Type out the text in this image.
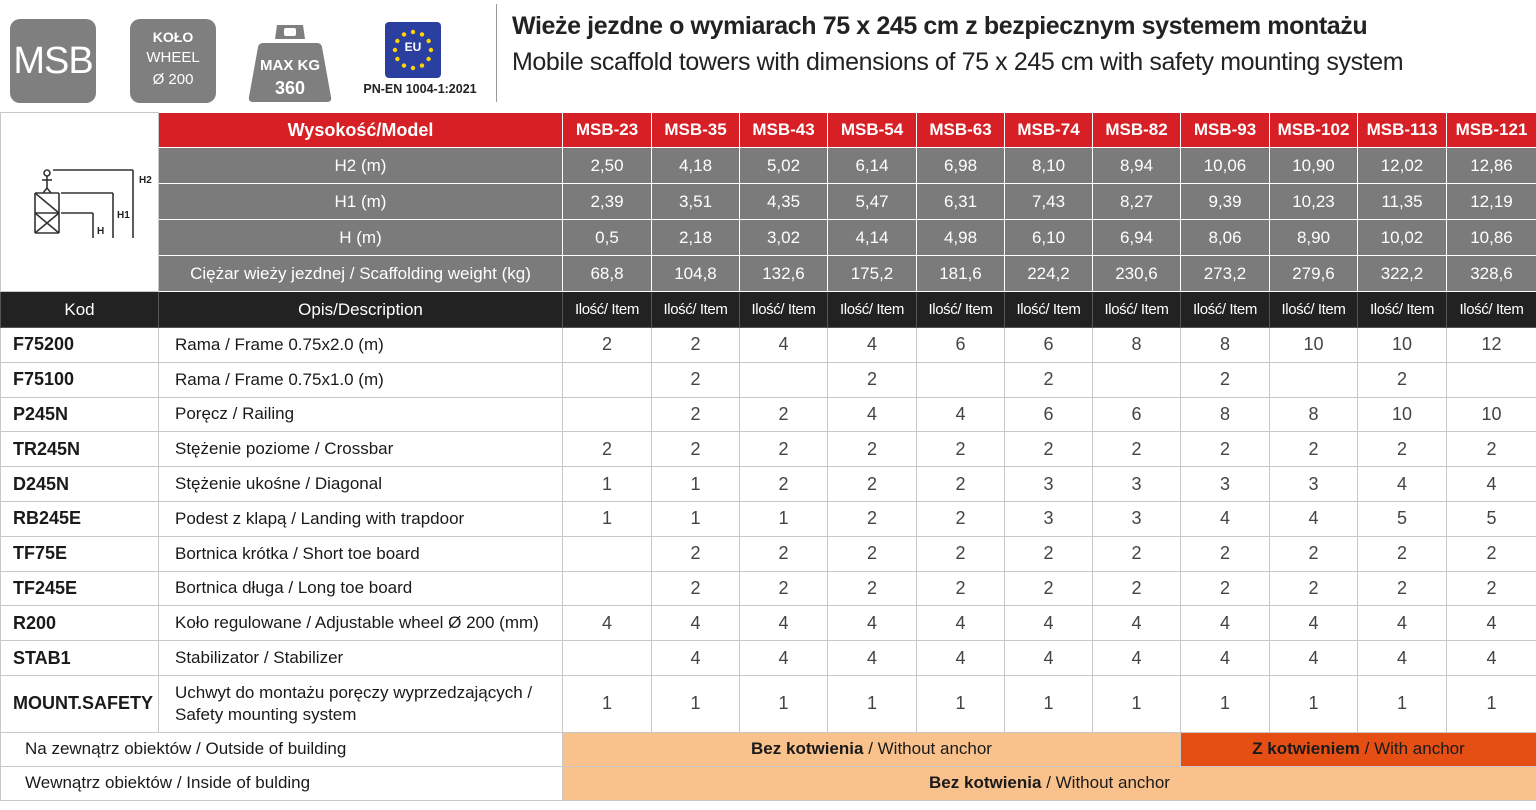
MSB
KOŁO
WHEEL
Ø 200
MAX KG
360
EU
PN-EN 1004-1:2021
Wieże jezdne o wymiarach 75 x 245 cm z bezpiecznym systemem montażu
Mobile scaffold towers with dimensions of 75 x 245 cm with safety mounting system
H2
H1
H	Wysokość/Model	MSB-23	MSB-35	MSB-43	MSB-54	MSB-63	MSB-74	MSB-82	MSB-93	MSB-102	MSB-113	MSB-121
	H2 (m)	2,50	4,18	5,02	6,14	6,98	8,10	8,94	10,06	10,90	12,02	12,86
	H1 (m)	2,39	3,51	4,35	5,47	6,31	7,43	8,27	9,39	10,23	11,35	12,19
	H (m)	0,5	2,18	3,02	4,14	4,98	6,10	6,94	8,06	8,90	10,02	10,86
	Ciężar wieży jezdnej / Scaffolding weight (kg)	68,8	104,8	132,6	175,2	181,6	224,2	230,6	273,2	279,6	322,2	328,6
Kod	Opis/Description	Ilość/ Item	Ilość/ Item	Ilość/ Item	Ilość/ Item	Ilość/ Item	Ilość/ Item	Ilość/ Item	Ilość/ Item	Ilość/ Item	Ilość/ Item	Ilość/ Item
F75200	Rama / Frame 0.75x2.0 (m)	2	2	4	4	6	6	8	8	10	10	12
F75100	Rama / Frame 0.75x1.0 (m)		2		2		2		2		2	
P245N	Poręcz / Railing		2	2	4	4	6	6	8	8	10	10
TR245N	Stężenie poziome / Crossbar	2	2	2	2	2	2	2	2	2	2	2
D245N	Stężenie ukośne / Diagonal	1	1	2	2	2	3	3	3	3	4	4
RB245E	Podest z klapą / Landing with trapdoor	1	1	1	2	2	3	3	4	4	5	5
TF75E	Bortnica krótka / Short toe board		2	2	2	2	2	2	2	2	2	2
TF245E	Bortnica długa / Long toe board		2	2	2	2	2	2	2	2	2	2
R200	Koło regulowane / Adjustable wheel Ø 200 (mm)	4	4	4	4	4	4	4	4	4	4	4
STAB1	Stabilizator / Stabilizer		4	4	4	4	4	4	4	4	4	4
MOUNT.SAFETY	Uchwyt do montażu poręczy wyprzedzających / Safety mounting system	1	1	1	1	1	1	1	1	1	1	1
Na zewnątrz obiektów / Outside of building		Bez kotwienia / Without anchor							Z kotwieniem / With anchor			
Wewnątrz obiektów / Inside of bulding		Bez kotwienia / Without anchor										
